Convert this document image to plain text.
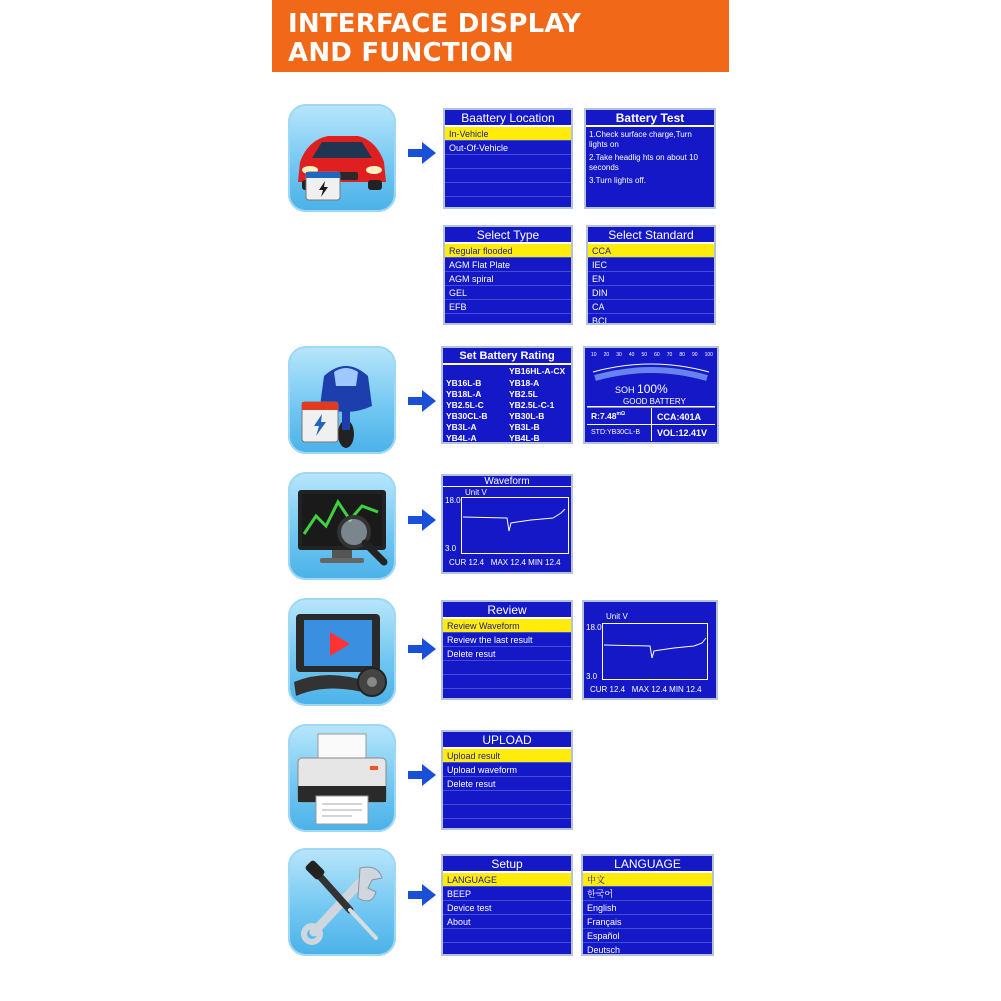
INTERFACE DISPLAY
AND FUNCTION
Baattery Location
In-Vehicle
Out-Of-Vehicle
Battery Test
1.Check surface charge,Turn lights on
2.Take headlig hts on about 10 seconds
3.Turn lights off.
Select Type
Regular flooded
AGM Flat Plate
AGM spiral
GEL
EFB
Select Standard
CCA
IEC
EN
DIN
CA
BCI
Set Battery Rating
YB16HL-A-CX
YB16L-B
YB18L-A
YB2.5L-C
YB30CL-B
YB3L-A
YB4L-A
YB18-A
YB2.5L
YB2.5L-C-1
YB30L-B
YB3L-B
YB4L-B
10 20 30 40 50 60 70 80 90 100
SOH 100%
GOOD BATTERY
$R:7.48^{m\Omega}$	CCA:401A
STD:YB30CL-B VOL:12.41V
Waveform
Unit V
18.0
3.0
CUR 12.4 MAX 12.4 MIN 12.4
Review
Review Waveform
Review the last result
Delete resut
Unit V
18.0
3.0
CUR 12.4 MAX 12.4 MIN 12.4
UPLOAD
Upload result
Upload waveform
Delete resut
Setup
LANGUAGE
BEEP
Device test
About
LANGUAGE
中文
한국어
English
Français
Español
Deutsch
